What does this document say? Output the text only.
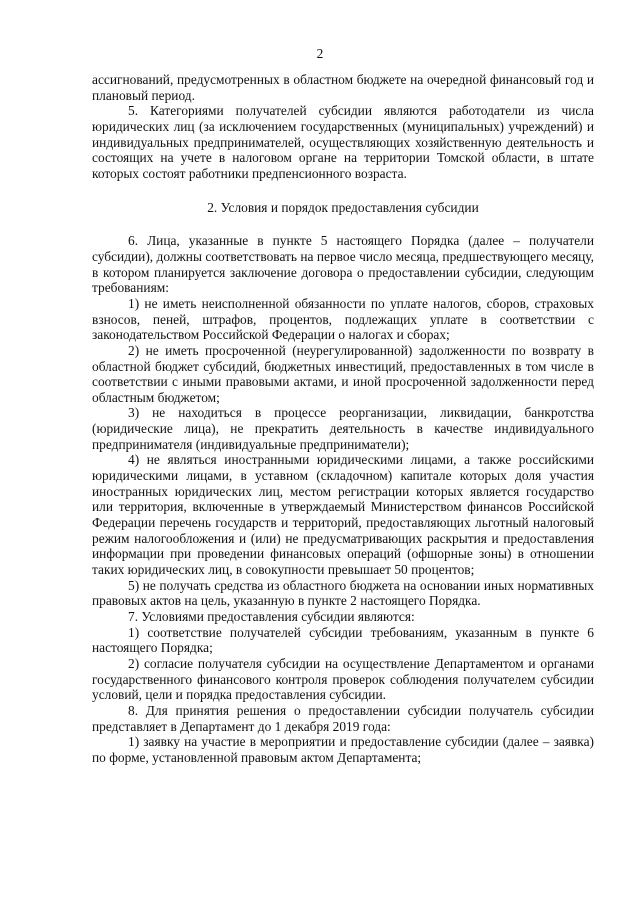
2

ассигнований, предусмотренных в областном бюджете на очередной финансовый год и плановый период.

5. Категориями получателей субсидии являются работодатели из числа юридических лиц (за исключением государственных (муниципальных) учреждений) и индивидуальных предпринимателей, осуществляющих хозяйственную деятельность и состоящих на учете в налоговом органе на территории Томской области, в штате которых состоят работники предпенсионного возраста.

2. Условия и порядок предоставления субсидии

6. Лица, указанные в пункте 5 настоящего Порядка (далее – получатели субсидии), должны соответствовать на первое число месяца, предшествующего месяцу, в котором планируется заключение договора о предоставлении субсидии, следующим требованиям:

1) не иметь неисполненной обязанности по уплате налогов, сборов, страховых взносов, пеней, штрафов, процентов, подлежащих уплате в соответствии с законодательством Российской Федерации о налогах и сборах;

2) не иметь просроченной (неурегулированной) задолженности по возврату в областной бюджет субсидий, бюджетных инвестиций, предоставленных в том числе в соответствии с иными правовыми актами, и иной просроченной задолженности перед областным бюджетом;

3) не находиться в процессе реорганизации, ликвидации, банкротства (юридические лица), не прекратить деятельность в качестве индивидуального предпринимателя (индивидуальные предприниматели);

4) не являться иностранными юридическими лицами, а также российскими юридическими лицами, в уставном (складочном) капитале которых доля участия иностранных юридических лиц, местом регистрации которых является государство или территория, включенные в утверждаемый Министерством финансов Российской Федерации перечень государств и территорий, предоставляющих льготный налоговый режим налогообложения и (или) не предусматривающих раскрытия и предоставления информации при проведении финансовых операций (офшорные зоны) в отношении таких юридических лиц, в совокупности превышает 50 процентов;

5) не получать средства из областного бюджета на основании иных нормативных правовых актов на цель, указанную в пункте 2 настоящего Порядка.

7. Условиями предоставления субсидии являются:

1) соответствие получателей субсидии требованиям, указанным в пункте 6 настоящего Порядка;

2) согласие получателя субсидии на осуществление Департаментом и органами государственного финансового контроля проверок соблюдения получателем субсидии условий, цели и порядка предоставления субсидии.

8. Для принятия решения о предоставлении субсидии получатель субсидии представляет в Департамент до 1 декабря 2019 года:

1) заявку на участие в мероприятии и предоставление субсидии (далее – заявка) по форме, установленной правовым актом Департамента;
